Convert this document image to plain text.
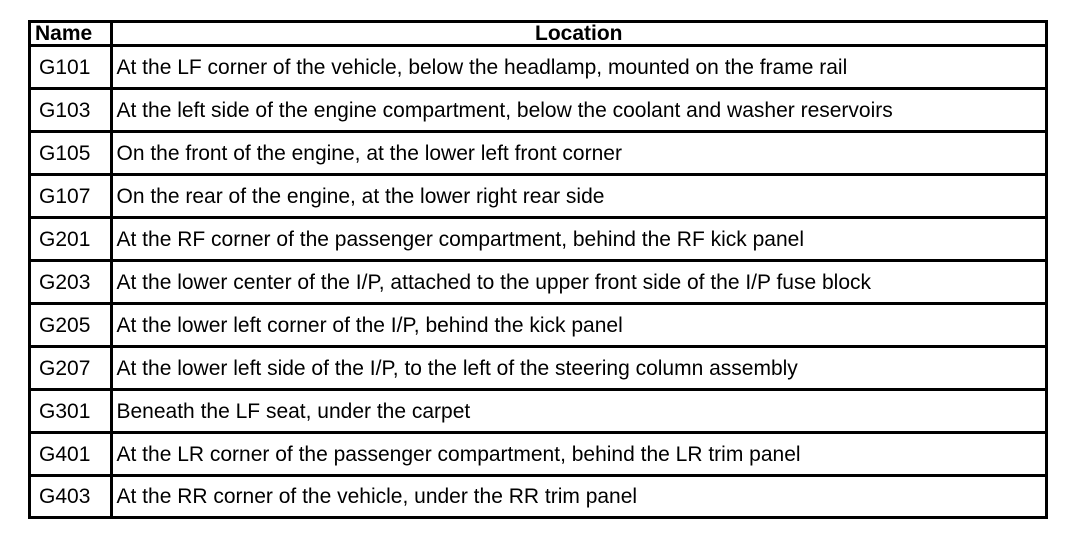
Name	Location
G101	At the LF corner of the vehicle, below the headlamp, mounted on the frame rail
G103	At the left side of the engine compartment, below the coolant and washer reservoirs
G105	On the front of the engine, at the lower left front corner
G107	On the rear of the engine, at the lower right rear side
G201	At the RF corner of the passenger compartment, behind the RF kick panel
G203	At the lower center of the I/P, attached to the upper front side of the I/P fuse block
G205	At the lower left corner of the I/P, behind the kick panel
G207	At the lower left side of the I/P, to the left of the steering column assembly
G301	Beneath the LF seat, under the carpet
G401	At the LR corner of the passenger compartment, behind the LR trim panel
G403	At the RR corner of the vehicle, under the RR trim panel
